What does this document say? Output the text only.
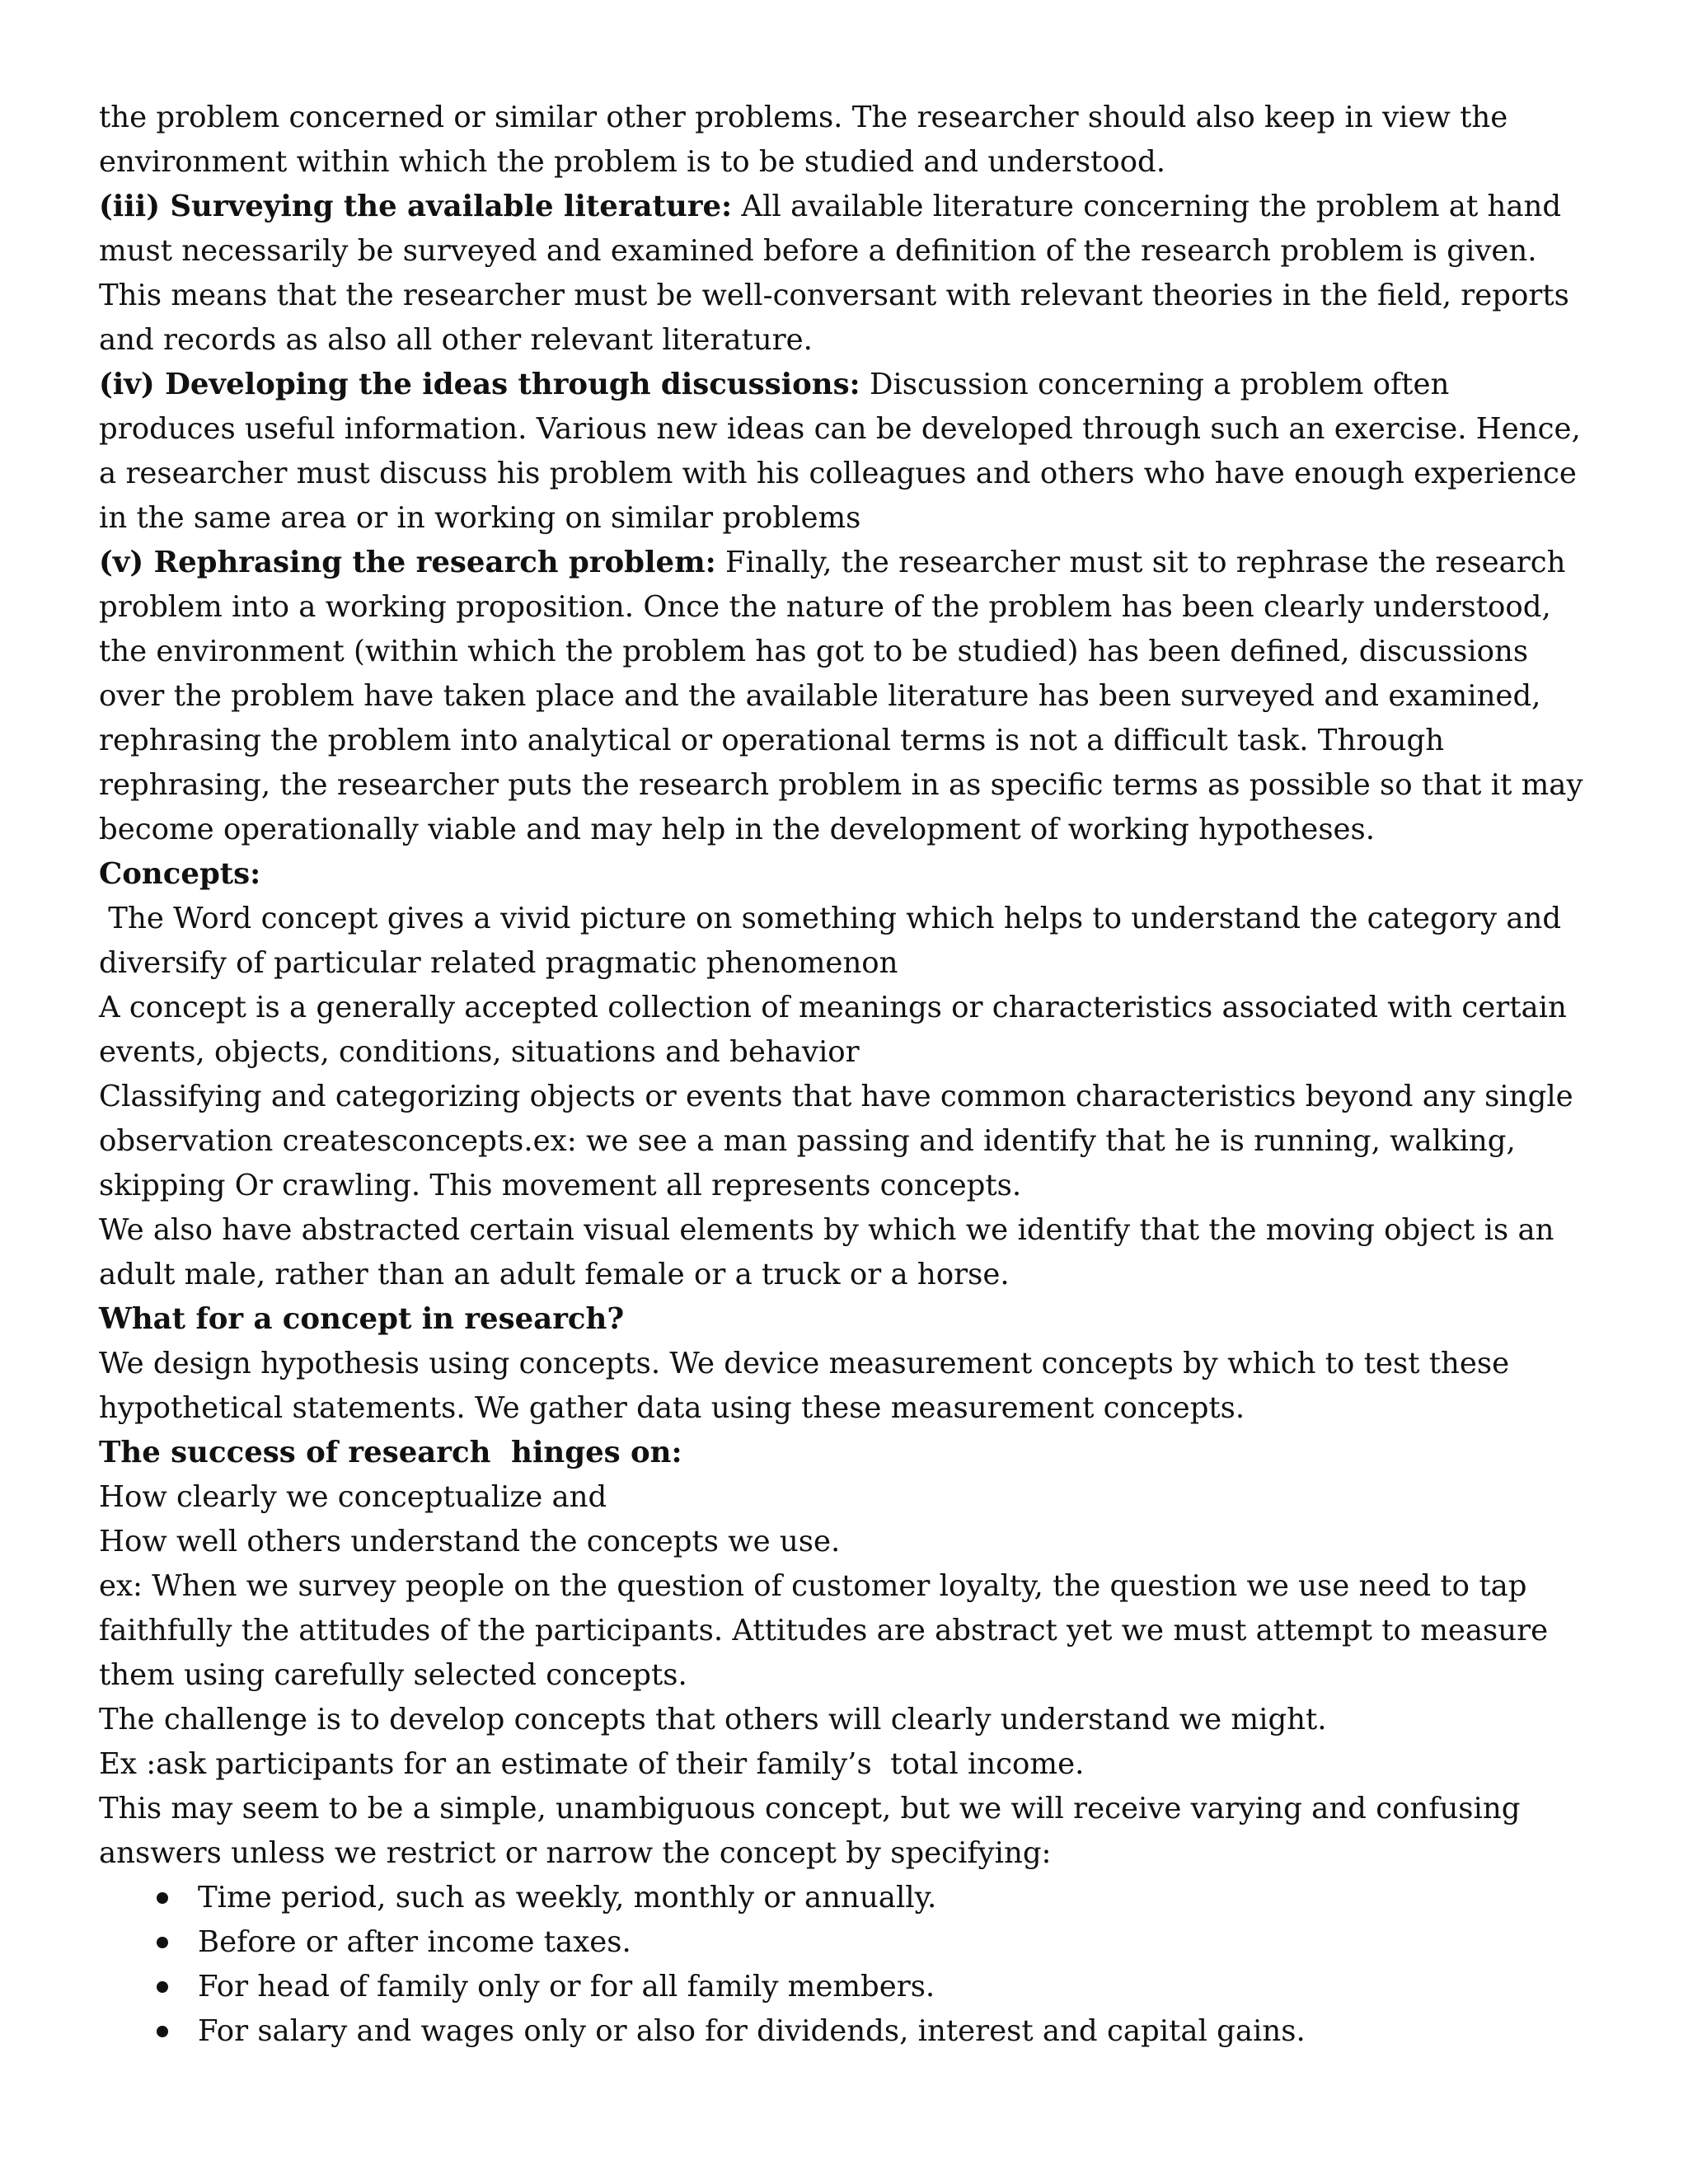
the problem concerned or similar other problems. The researcher should also keep in view the environment within which the problem is to be studied and understood.

(iii) Surveying the available literature: All available literature concerning the problem at hand must necessarily be surveyed and examined before a definition of the research problem is given. This means that the researcher must be well-conversant with relevant theories in the field, reports and records as also all other relevant literature.

(iv) Developing the ideas through discussions: Discussion concerning a problem often produces useful information. Various new ideas can be developed through such an exercise. Hence, a researcher must discuss his problem with his colleagues and others who have enough experience in the same area or in working on similar problems

(v) Rephrasing the research problem: Finally, the researcher must sit to rephrase the research problem into a working proposition. Once the nature of the problem has been clearly understood, the environment (within which the problem has got to be studied) has been defined, discussions over the problem have taken place and the available literature has been surveyed and examined, rephrasing the problem into analytical or operational terms is not a difficult task. Through rephrasing, the researcher puts the research problem in as specific terms as possible so that it may become operationally viable and may help in the development of working hypotheses.

Concepts:

The Word concept gives a vivid picture on something which helps to understand the category and diversify of particular related pragmatic phenomenon

A concept is a generally accepted collection of meanings or characteristics associated with certain events, objects, conditions, situations and behavior

Classifying and categorizing objects or events that have common characteristics beyond any single observation createsconcepts.ex: we see a man passing and identify that he is running, walking, skipping Or crawling. This movement all represents concepts.

We also have abstracted certain visual elements by which we identify that the moving object is an adult male, rather than an adult female or a truck or a horse.

What for a concept in research?

We design hypothesis using concepts. We device measurement concepts by which to test these hypothetical statements. We gather data using these measurement concepts.

The success of research  hinges on:

How clearly we conceptualize and

How well others understand the concepts we use.

ex: When we survey people on the question of customer loyalty, the question we use need to tap faithfully the attitudes of the participants. Attitudes are abstract yet we must attempt to measure them using carefully selected concepts.

The challenge is to develop concepts that others will clearly understand we might.

Ex :ask participants for an estimate of their family’s  total income.

This may seem to be a simple, unambiguous concept, but we will receive varying and confusing answers unless we restrict or narrow the concept by specifying:

Time period, such as weekly, monthly or annually.
Before or after income taxes.
For head of family only or for all family members.
For salary and wages only or also for dividends, interest and capital gains.
